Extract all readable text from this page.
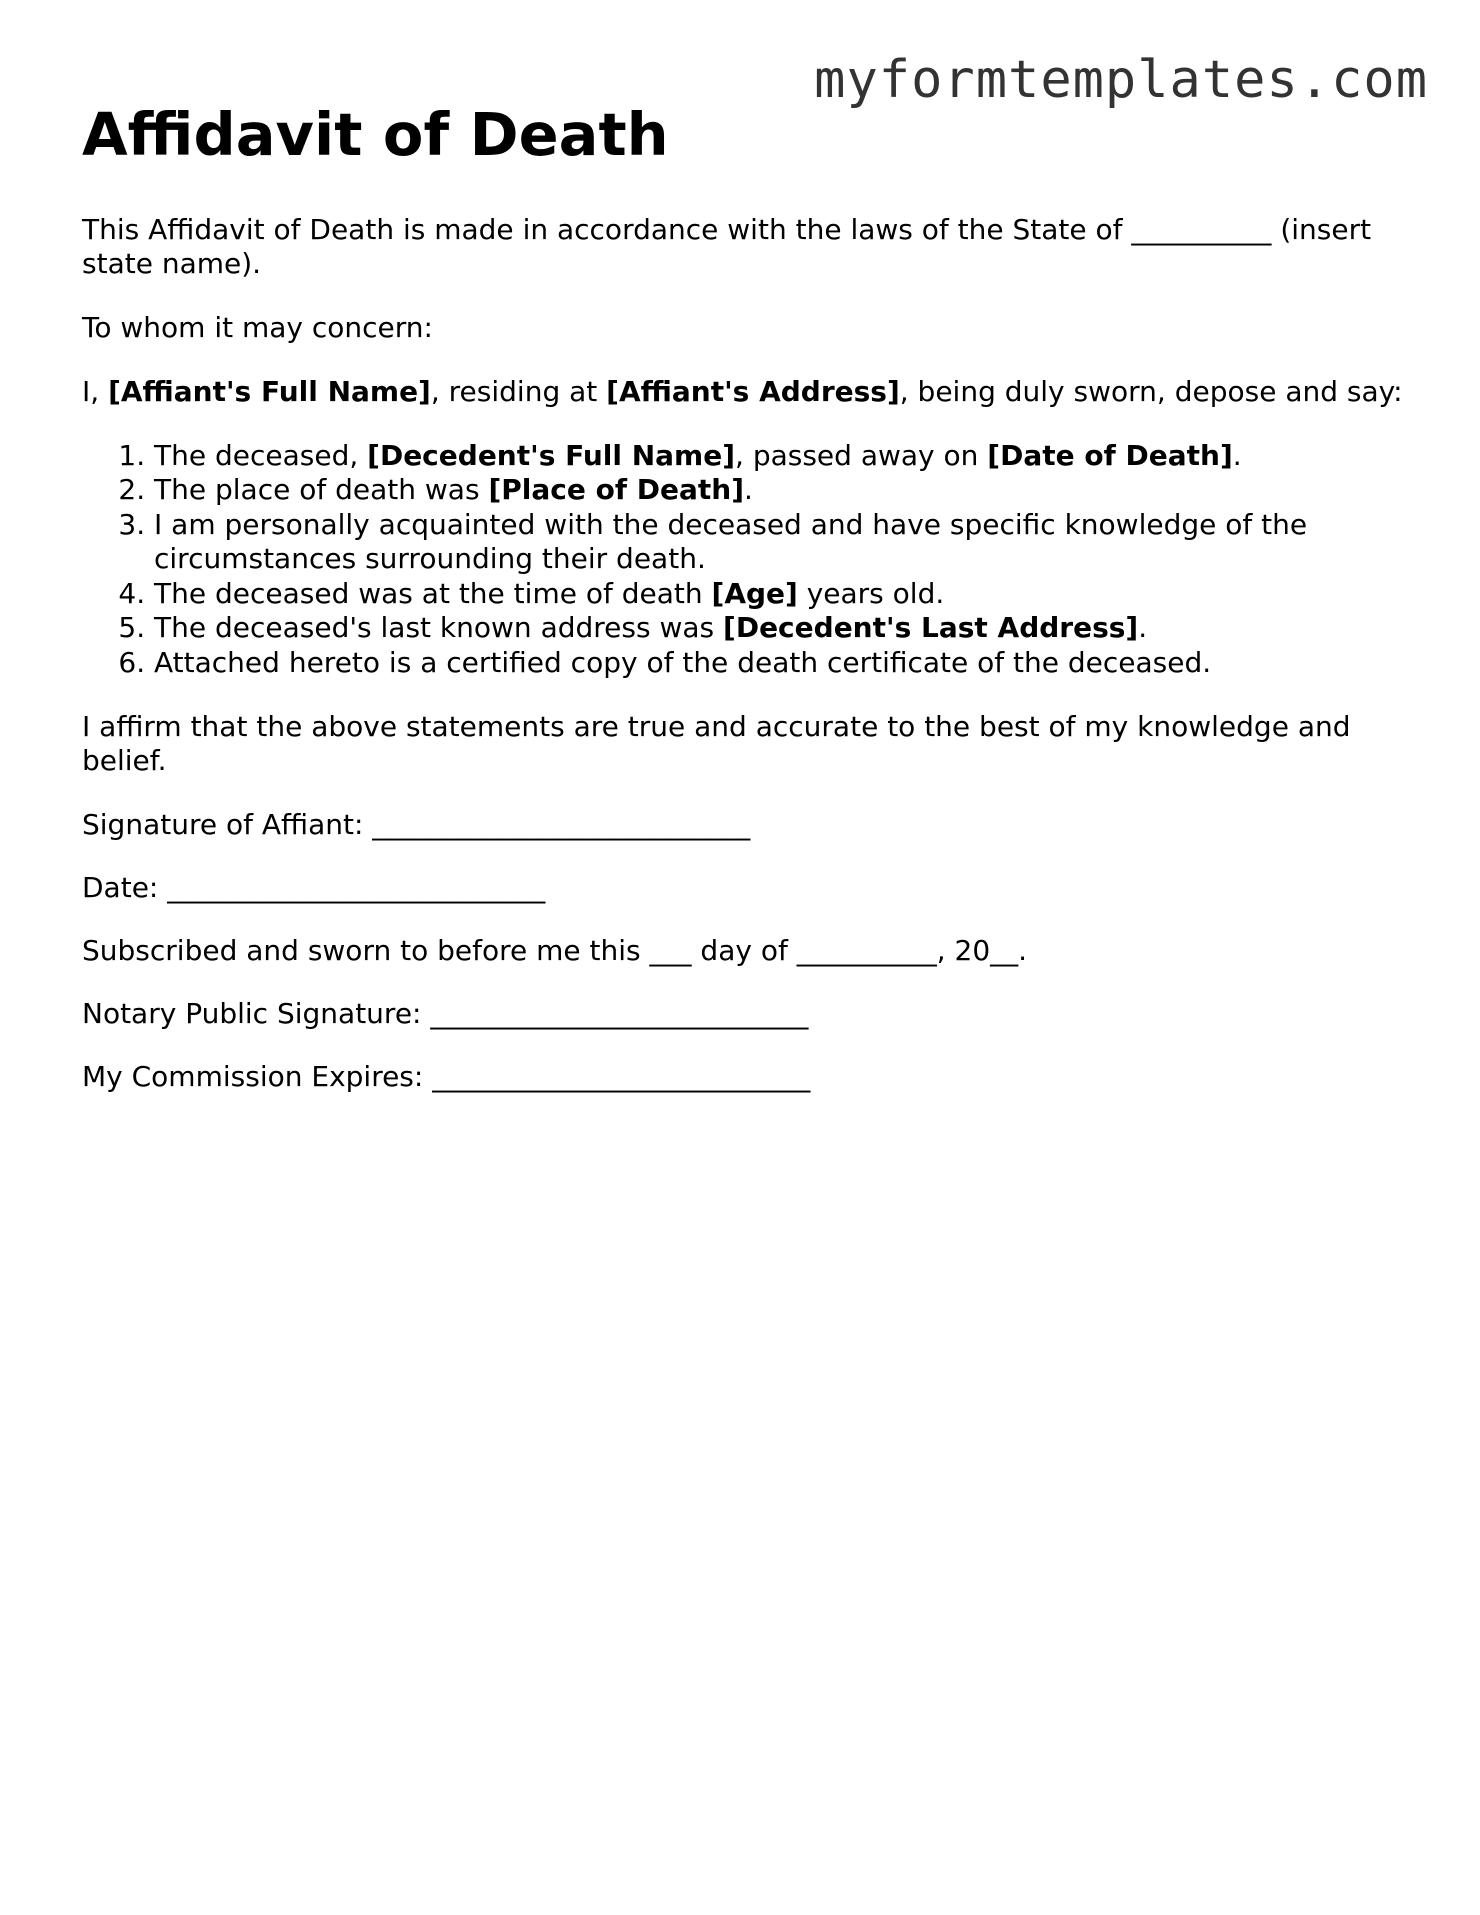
myformtemplates.com
Affidavit of Death

This Affidavit of Death is made in accordance with the laws of the State of __________ (insert state name).

To whom it may concern:

I, [Affiant's Full Name], residing at [Affiant's Address], being duly sworn, depose and say:

1. The deceased, [Decedent's Full Name], passed away on [Date of Death].
2. The place of death was [Place of Death].
3. I am personally acquainted with the deceased and have specific knowledge of the circumstances surrounding their death.
4. The deceased was at the time of death [Age] years old.
5. The deceased's last known address was [Decedent's Last Address].
6. Attached hereto is a certified copy of the death certificate of the deceased.

I affirm that the above statements are true and accurate to the best of my knowledge and belief.

Signature of Affiant: ___________________________

Date: ___________________________

Subscribed and sworn to before me this ___ day of __________, 20__.

Notary Public Signature: ___________________________

My Commission Expires: ___________________________
